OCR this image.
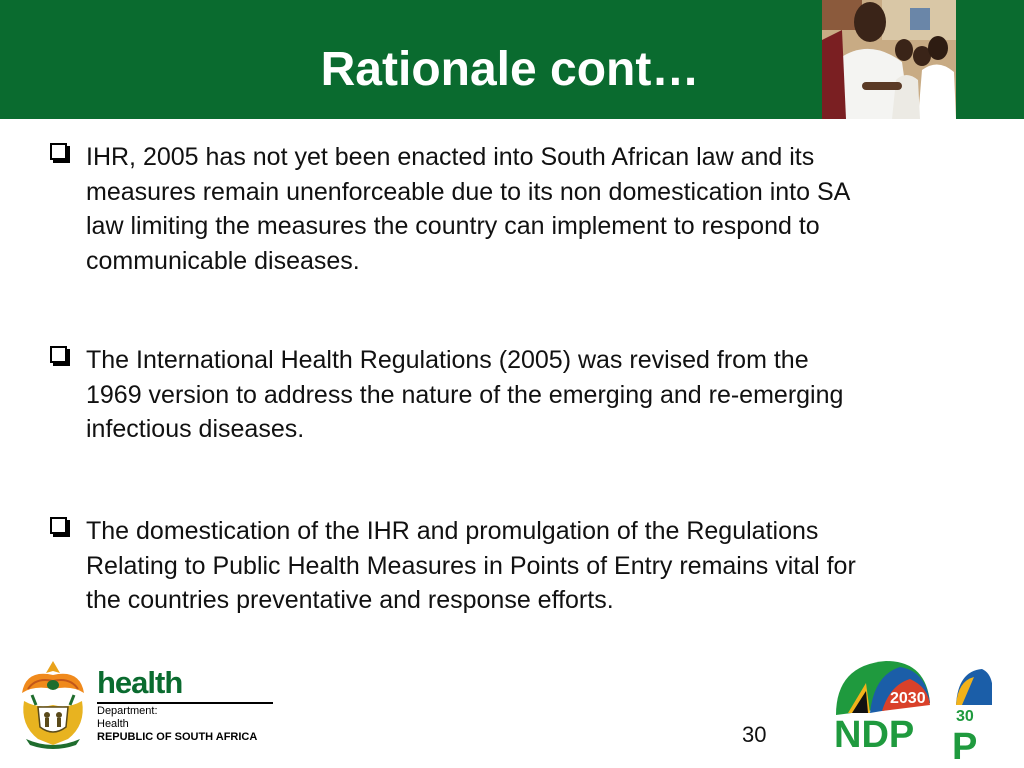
Rationale cont…
IHR, 2005 has not yet been enacted into South African law and its
measures remain unenforceable due to its non domestication into SA
law limiting the measures the country can implement to respond to
communicable diseases.
The International Health Regulations (2005) was revised from the
1969 version to address the nature of the emerging and re-emerging
infectious diseases.
The domestication of the IHR and promulgation of the Regulations
Relating to Public Health Measures in Points of Entry remains vital for
the countries preventative and response efforts.
health
Department:
Health
REPUBLIC OF SOUTH AFRICA	30
2030
NDP	30
P
